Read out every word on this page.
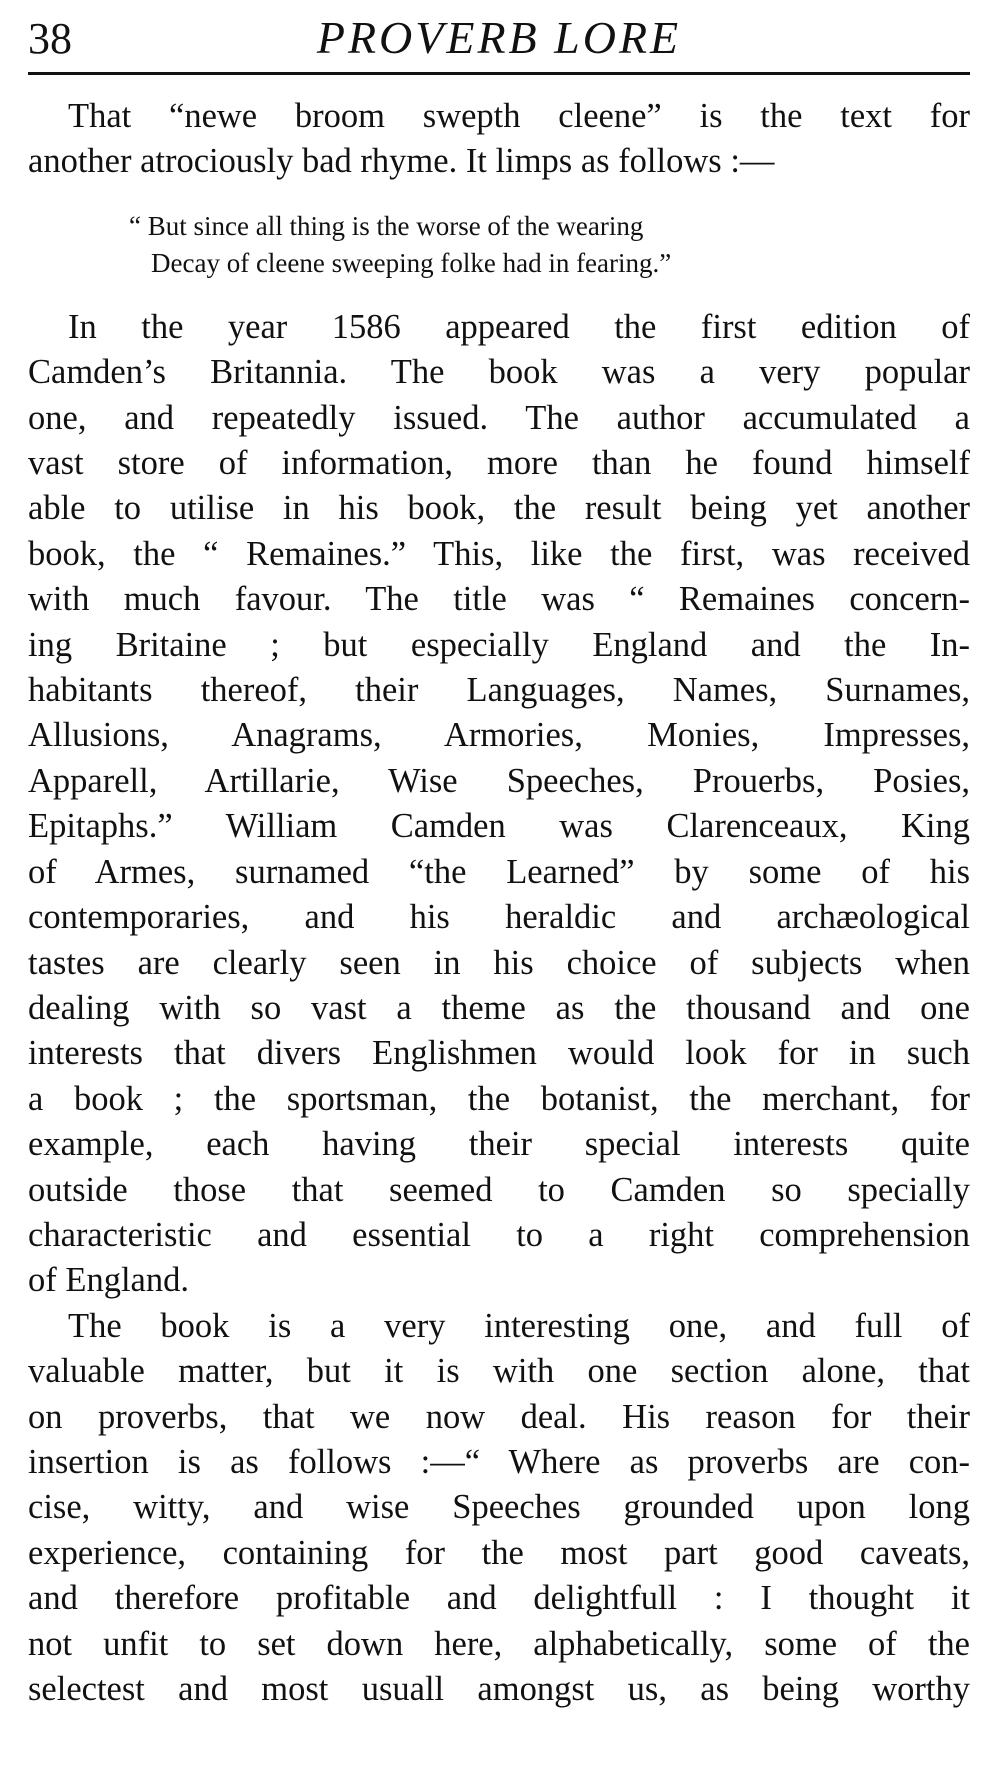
38	PROVERB LORE

That “newe broom swepth cleene” is the text for
another atrociously bad rhyme. It limps as follows :—

“ But since all thing is the worse of the wearing
Decay of cleene sweeping folke had in fearing.”

In the year 1586 appeared the first edition of
Camden’s Britannia. The book was a very popular
one, and repeatedly issued. The author accumulated a
vast store of information, more than he found himself
able to utilise in his book, the result being yet another
book, the “ Remaines.” This, like the first, was received
with much favour. The title was “ Remaines concern-
ing Britaine ; but especially England and the In-
habitants thereof, their Languages, Names, Surnames,
Allusions, Anagrams, Armories, Monies, Impresses,
Apparell, Artillarie, Wise Speeches, Prouerbs, Posies,
Epitaphs.” William Camden was Clarenceaux, King
of Armes, surnamed “the Learned” by some of his
contemporaries, and his heraldic and archæological
tastes are clearly seen in his choice of subjects when
dealing with so vast a theme as the thousand and one
interests that divers Englishmen would look for in such
a book ; the sportsman, the botanist, the merchant, for
example, each having their special interests quite
outside those that seemed to Camden so specially
characteristic and essential to a right comprehension
of England.

The book is a very interesting one, and full of
valuable matter, but it is with one section alone, that
on proverbs, that we now deal. His reason for their
insertion is as follows :—“ Where as proverbs are con-
cise, witty, and wise Speeches grounded upon long
experience, containing for the most part good caveats,
and therefore profitable and delightfull : I thought it
not unfit to set down here, alphabetically, some of the
selectest and most usuall amongst us, as being worthy
